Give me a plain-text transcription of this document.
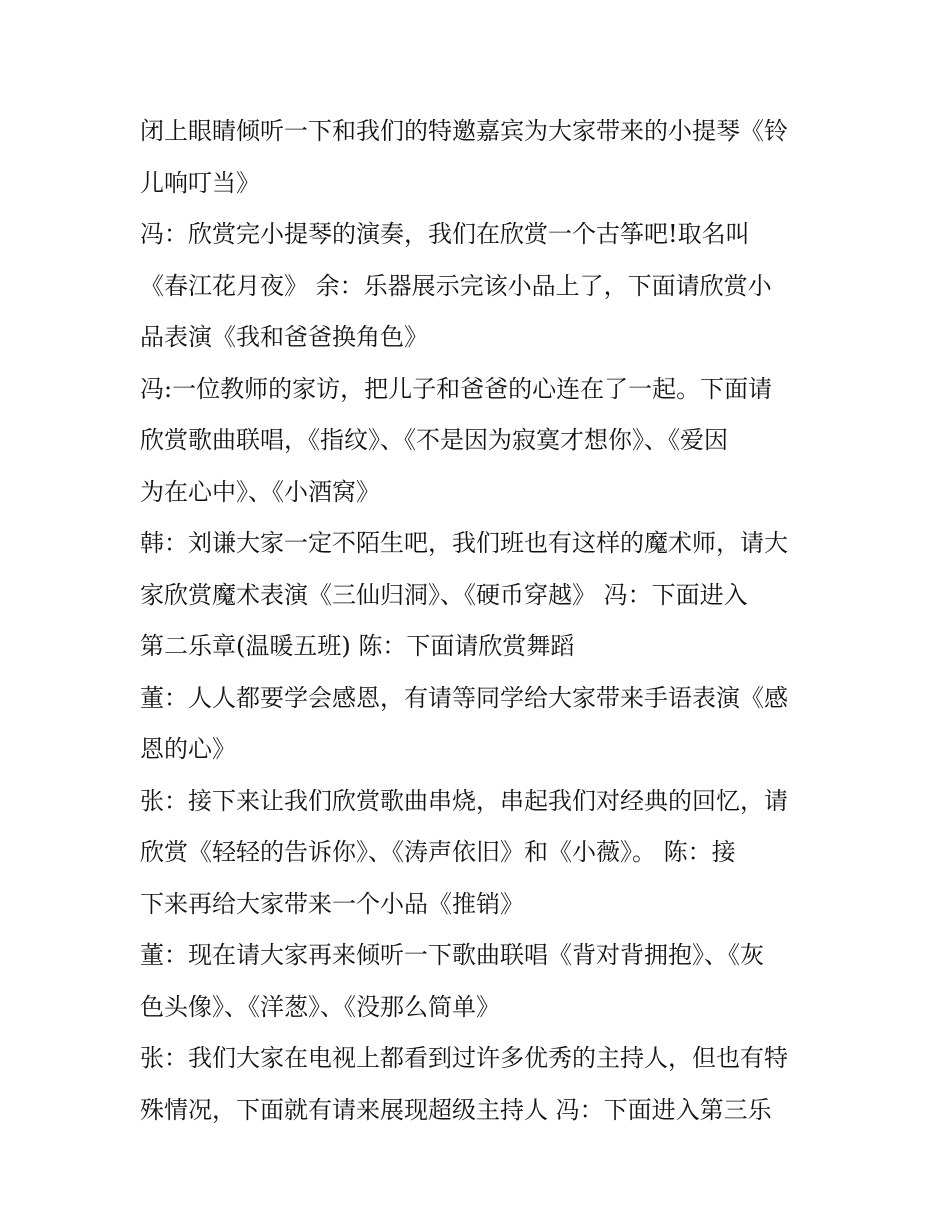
闭上眼睛倾听一下和我们的特邀嘉宾为大家带来的小提琴《铃
儿响叮当》
冯：欣赏完小提琴的演奏，我们在欣赏一个古筝吧!取名叫
《春江花月夜》 余：乐器展示完该小品上了，下面请欣赏小
品表演《我和爸爸换角色》
冯:一位教师的家访，把儿子和爸爸的心连在了一起。下面请
欣赏歌曲联唱，《指纹》、《不是因为寂寞才想你》、《爱因
为在心中》、《小酒窝》
韩：刘谦大家一定不陌生吧，我们班也有这样的魔术师，请大
家欣赏魔术表演《三仙归洞》、《硬币穿越》 冯：下面进入
第二乐章(温暖五班) 陈：下面请欣赏舞蹈
董：人人都要学会感恩，有请等同学给大家带来手语表演《感
恩的心》
张：接下来让我们欣赏歌曲串烧，串起我们对经典的回忆，请
欣赏《轻轻的告诉你》、《涛声依旧》和《小薇》。 陈：接
下来再给大家带来一个小品《推销》
董：现在请大家再来倾听一下歌曲联唱《背对背拥抱》、《灰
色头像》、《洋葱》、《没那么简单》
张：我们大家在电视上都看到过许多优秀的主持人，但也有特
殊情况，下面就有请来展现超级主持人 冯：下面进入第三乐
